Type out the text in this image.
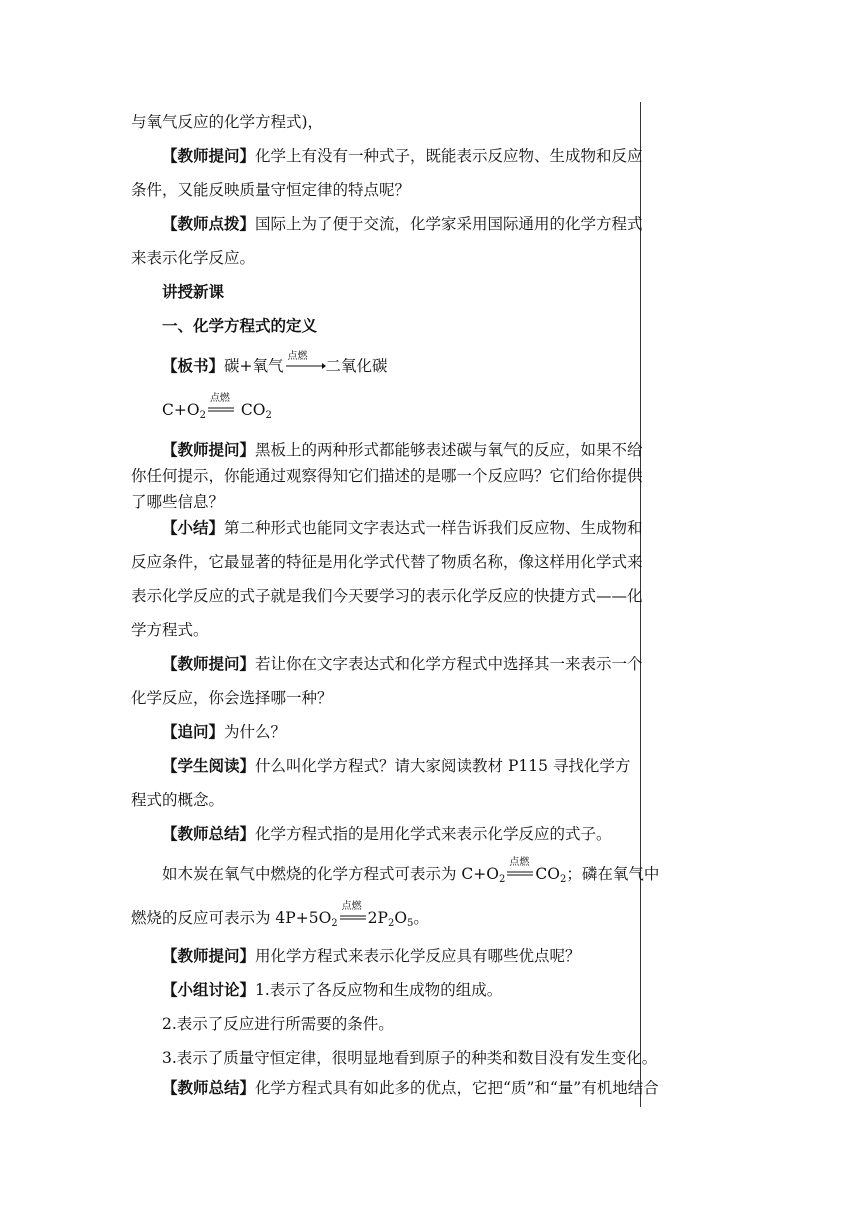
与氧气反应的化学方程式)，
【教师提问】化学上有没有一种式子，既能表示反应物、生成物和反应
条件，又能反映质量守恒定律的特点呢？
【教师点拨】国际上为了便于交流，化学家采用国际通用的化学方程式
来表示化学反应。
讲授新课
一、化学方程式的定义
【板书】碳+氧气
点燃
二氧化碳
$C+O_2$
点燃
$CO_2$
【教师提问】黑板上的两种形式都能够表述碳与氧气的反应，如果不给
你任何提示，你能通过观察得知它们描述的是哪一个反应吗？它们给你提供
了哪些信息？
【小结】第二种形式也能同文字表达式一样告诉我们反应物、生成物和
反应条件，它最显著的特征是用化学式代替了物质名称，像这样用化学式来
表示化学反应的式子就是我们今天要学习的表示化学反应的快捷方式——化
学方程式。
【教师提问】若让你在文字表达式和化学方程式中选择其一来表示一个
化学反应，你会选择哪一种？
【追问】为什么？
【学生阅读】什么叫化学方程式？请大家阅读教材 P115 寻找化学方
程式的概念。
【教师总结】化学方程式指的是用化学式来表示化学反应的式子。
如木炭在氧气中燃烧的化学方程式可表示为 $C+O_2$
点燃
$CO_2$；磷在氧气中
燃烧的反应可表示为 $4P+5O_2$
点燃
$2P_2O_5$。
【教师提问】用化学方程式来表示化学反应具有哪些优点呢？
【小组讨论】1.表示了各反应物和生成物的组成。
2.表示了反应进行所需要的条件。
3.表示了质量守恒定律，很明显地看到原子的种类和数目没有发生变化。
【教师总结】化学方程式具有如此多的优点，它把“质”和“量”有机地结合
